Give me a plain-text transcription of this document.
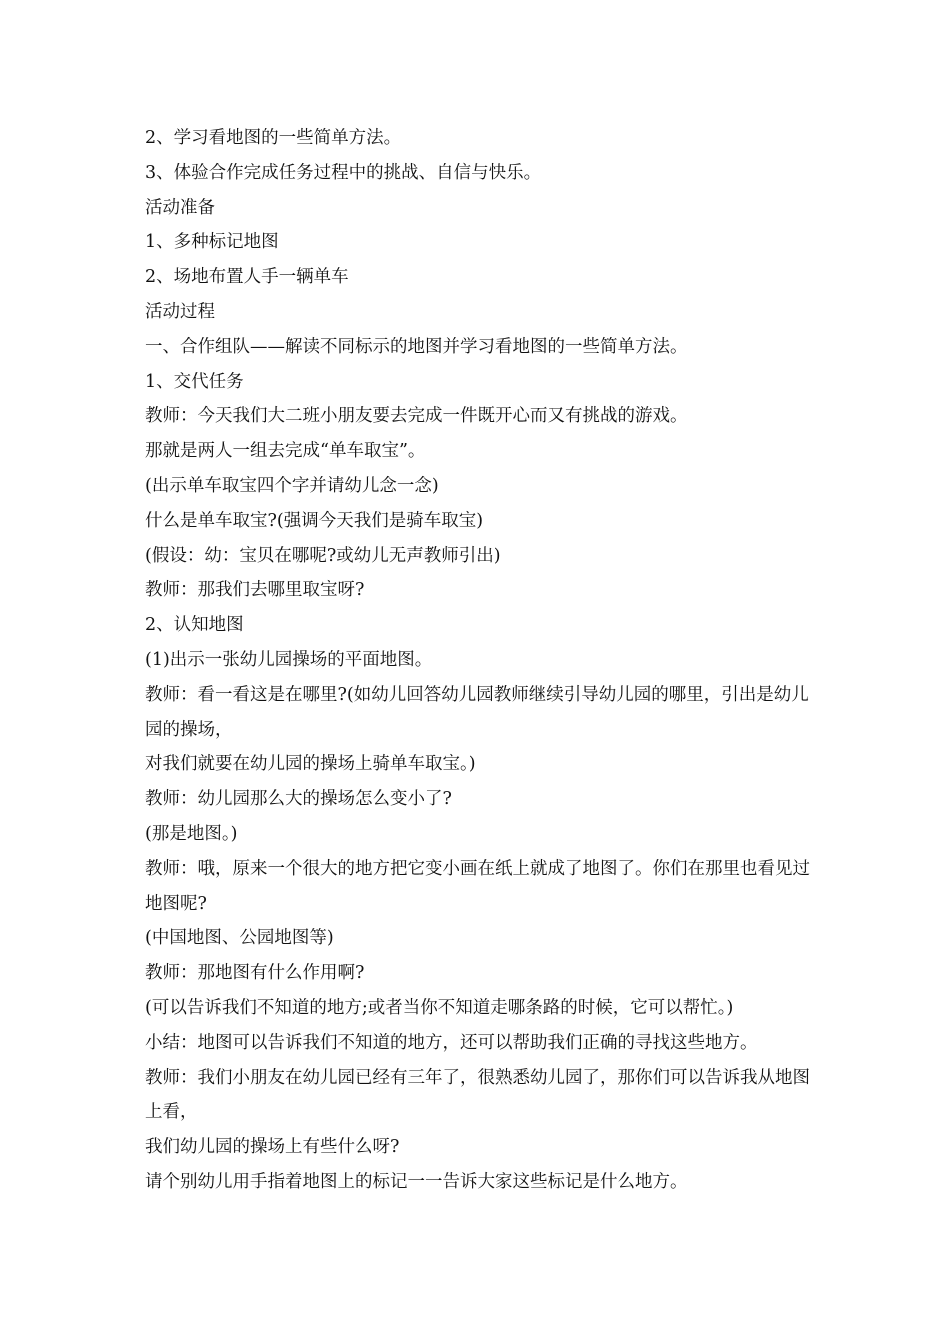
2、学习看地图的一些简单方法。
3、体验合作完成任务过程中的挑战、自信与快乐。
活动准备
1、多种标记地图
2、场地布置人手一辆单车
活动过程
一、合作组队——解读不同标示的地图并学习看地图的一些简单方法。
1、交代任务
教师：今天我们大二班小朋友要去完成一件既开心而又有挑战的游戏。
那就是两人一组去完成“单车取宝”。
(出示单车取宝四个字并请幼儿念一念)
什么是单车取宝?(强调今天我们是骑车取宝)
(假设：幼：宝贝在哪呢?或幼儿无声教师引出)
教师：那我们去哪里取宝呀?
2、认知地图
(1)出示一张幼儿园操场的平面地图。
教师：看一看这是在哪里?(如幼儿回答幼儿园教师继续引导幼儿园的哪里，引出是幼儿园的操场，
对我们就要在幼儿园的操场上骑单车取宝。)
教师：幼儿园那么大的操场怎么变小了?
(那是地图。)
教师：哦，原来一个很大的地方把它变小画在纸上就成了地图了。你们在那里也看见过地图呢?
(中国地图、公园地图等)
教师：那地图有什么作用啊?
(可以告诉我们不知道的地方;或者当你不知道走哪条路的时候，它可以帮忙。)
小结：地图可以告诉我们不知道的地方，还可以帮助我们正确的寻找这些地方。
教师：我们小朋友在幼儿园已经有三年了，很熟悉幼儿园了，那你们可以告诉我从地图上看，
我们幼儿园的操场上有些什么呀?
请个别幼儿用手指着地图上的标记一一告诉大家这些标记是什么地方。
